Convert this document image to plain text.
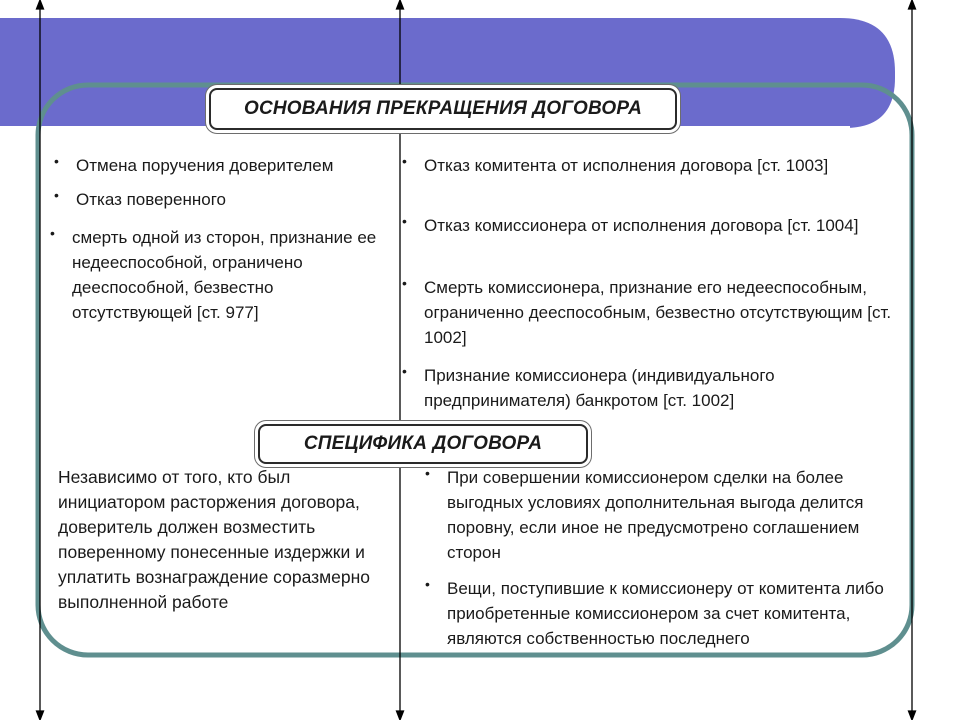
ОСНОВАНИЯ ПРЕКРАЩЕНИЯ ДОГОВОРА
•	Отмена поручения доверителем
•	Отказ поверенного
•	смерть одной из сторон, признание ее недееспособной, ограничено дееспособной, безвестно отсутствующей [ст. 977]
•	Отказ комитента от исполнения договора [ст. 1003]
•	Отказ комиссионера от исполнения договора [ст. 1004]
•	Смерть комиссионера, признание его недееспособным, ограниченно дееспособным, безвестно отсутствующим [ст. 1002]
•	Признание комиссионера (индивидуального предпринимателя) банкротом [ст. 1002]
СПЕЦИФИКА ДОГОВОРА
Независимо от того, кто был инициатором расторжения договора, доверитель должен возместить поверенному понесенные издержки и уплатить вознаграждение соразмерно выполненной работе
•	При совершении комиссионером сделки на более выгодных условиях дополнительная выгода делится поровну, если иное не предусмотрено соглашением сторон
•	Вещи, поступившие к комиссионеру от комитента либо приобретенные комиссионером за счет комитента, являются собственностью последнего
